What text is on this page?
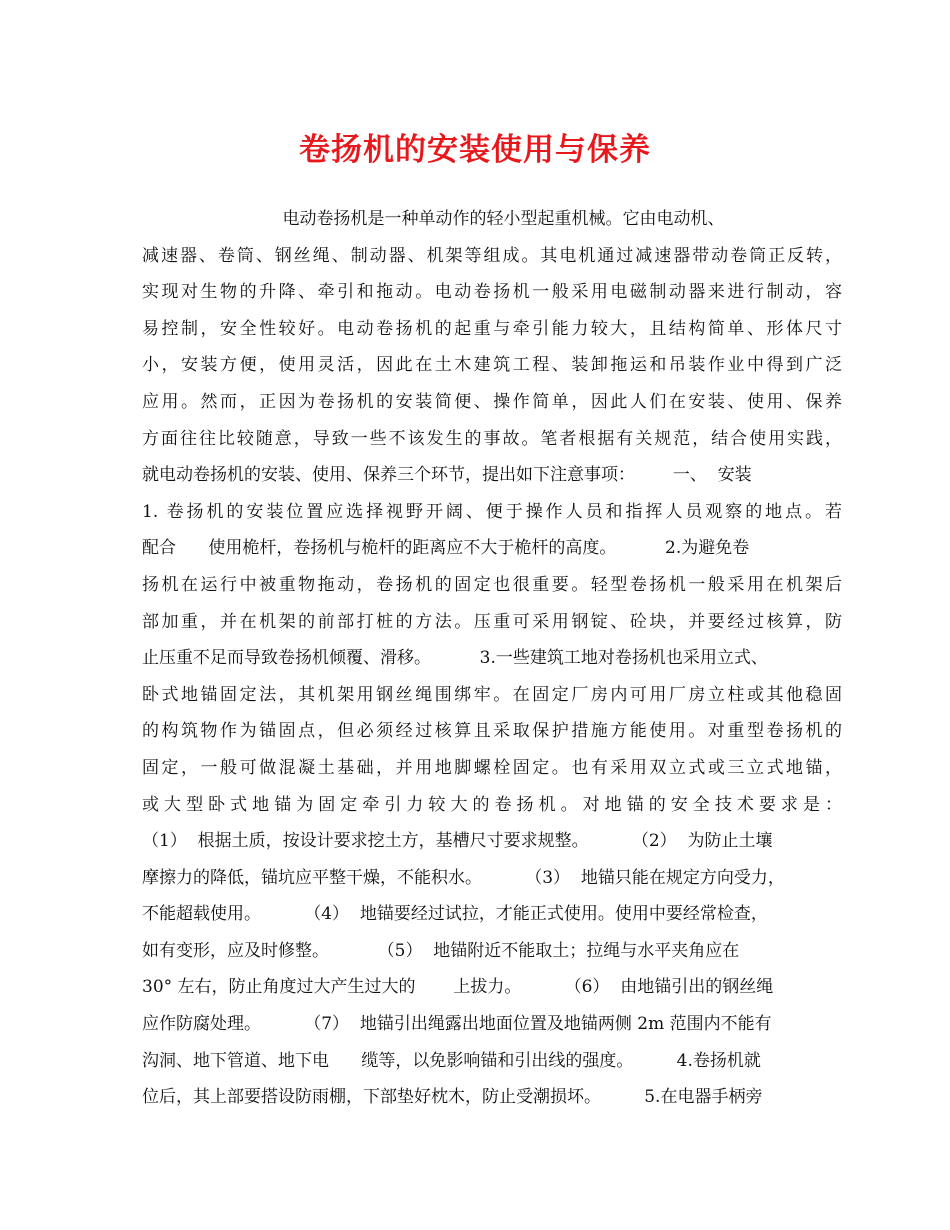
卷扬机的安装使用与保养
电动卷扬机是一种单动作的轻小型起重机械。它由电动机、
减速器、卷筒、钢丝绳、制动器、机架等组成。其电机通过减速器带动卷筒正反转，
实现对生物的升降、牵引和拖动。电动卷扬机一般采用电磁制动器来进行制动，容
易控制，安全性较好。电动卷扬机的起重与牵引能力较大，且结构简单、形体尺寸
小，安装方便，使用灵活，因此在土木建筑工程、装卸拖运和吊装作业中得到广泛
应用。然而，正因为卷扬机的安装简便、操作简单，因此人们在安装、使用、保养
方面往往比较随意，导致一些不该发生的事故。笔者根据有关规范，结合使用实践，
就电动卷扬机的安装、使用、保养三个环节，提出如下注意事项：       一、  安装
1. 卷扬机的安装位置应选择视野开阔、便于操作人员和指挥人员观察的地点。若
配合      使用桅杆，卷扬机与桅杆的距离应不大于桅杆的高度。         2.为避免卷
扬机在运行中被重物拖动，卷扬机的固定也很重要。轻型卷扬机一般采用在机架后
部加重，并在机架的前部打桩的方法。压重可采用钢锭、砼块，并要经过核算，防
止压重不足而导致卷扬机倾覆、滑移。         3.一些建筑工地对卷扬机也采用立式、
卧式地锚固定法，其机架用钢丝绳围绑牢。在固定厂房内可用厂房立柱或其他稳固
的构筑物作为锚固点，但必须经过核算且采取保护措施方能使用。对重型卷扬机的
固定，一般可做混凝土基础，并用地脚螺栓固定。也有采用双立式或三立式地锚，
或大型卧式地锚为固定牵引力较大的卷扬机。对地锚的安全技术要求是：
（1）  根据土质，按设计要求挖土方，基槽尺寸要求规整。        （2）  为防止土壤
摩擦力的降低，锚坑应平整干燥，不能积水。        （3）  地锚只能在规定方向受力，
不能超载使用。        （4）  地锚要经过试拉，才能正式使用。使用中要经常检查，
如有变形，应及时修整。         （5）  地锚附近不能取土；拉绳与水平夹角应在
30° 左右，防止角度过大产生过大的       上拔力。        （6）  由地锚引出的钢丝绳
应作防腐处理。        （7）  地锚引出绳露出地面位置及地锚两侧 2m 范围内不能有
沟洞、地下管道、地下电      缆等，以免影响锚和引出线的强度。        4.卷扬机就
位后，其上部要搭设防雨棚，下部垫好枕木，防止受潮损坏。        5.在电器手柄旁
